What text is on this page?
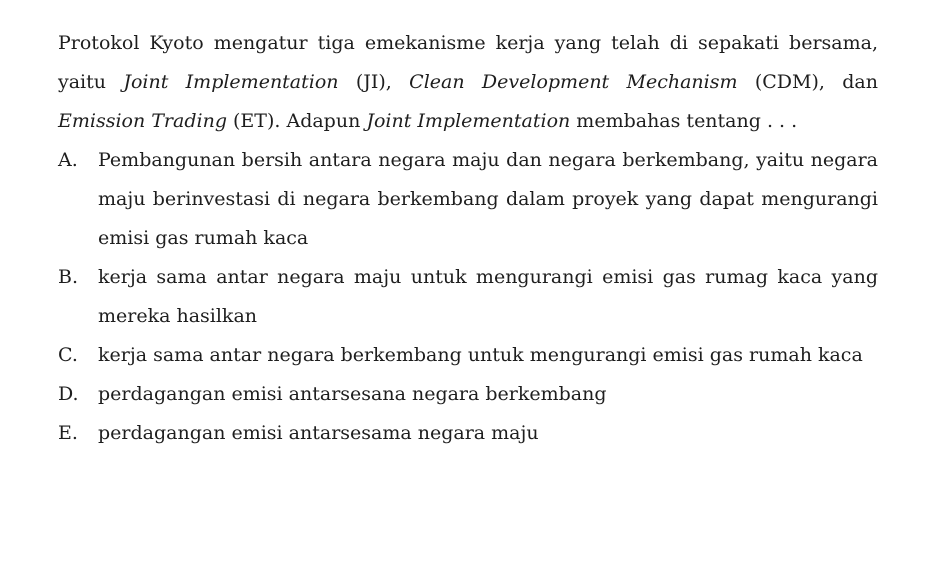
Protokol Kyoto mengatur tiga emekanisme kerja yang telah di sepakati bersama, yaitu Joint Implementation (JI), Clean Development Mechanism (CDM), dan Emission Trading (ET). Adapun Joint Implementation membahas tentang . . .

A. Pembangunan bersih antara negara maju dan negara berkembang, yaitu negara maju berinvestasi di negara berkembang dalam proyek yang dapat mengurangi emisi gas rumah kaca
B. kerja sama antar negara maju untuk mengurangi emisi gas rumag kaca yang mereka hasilkan
C. kerja sama antar negara berkembang untuk mengurangi emisi gas rumah kaca
D. perdagangan emisi antarsesana negara berkembang
E. perdagangan emisi antarsesama negara maju
